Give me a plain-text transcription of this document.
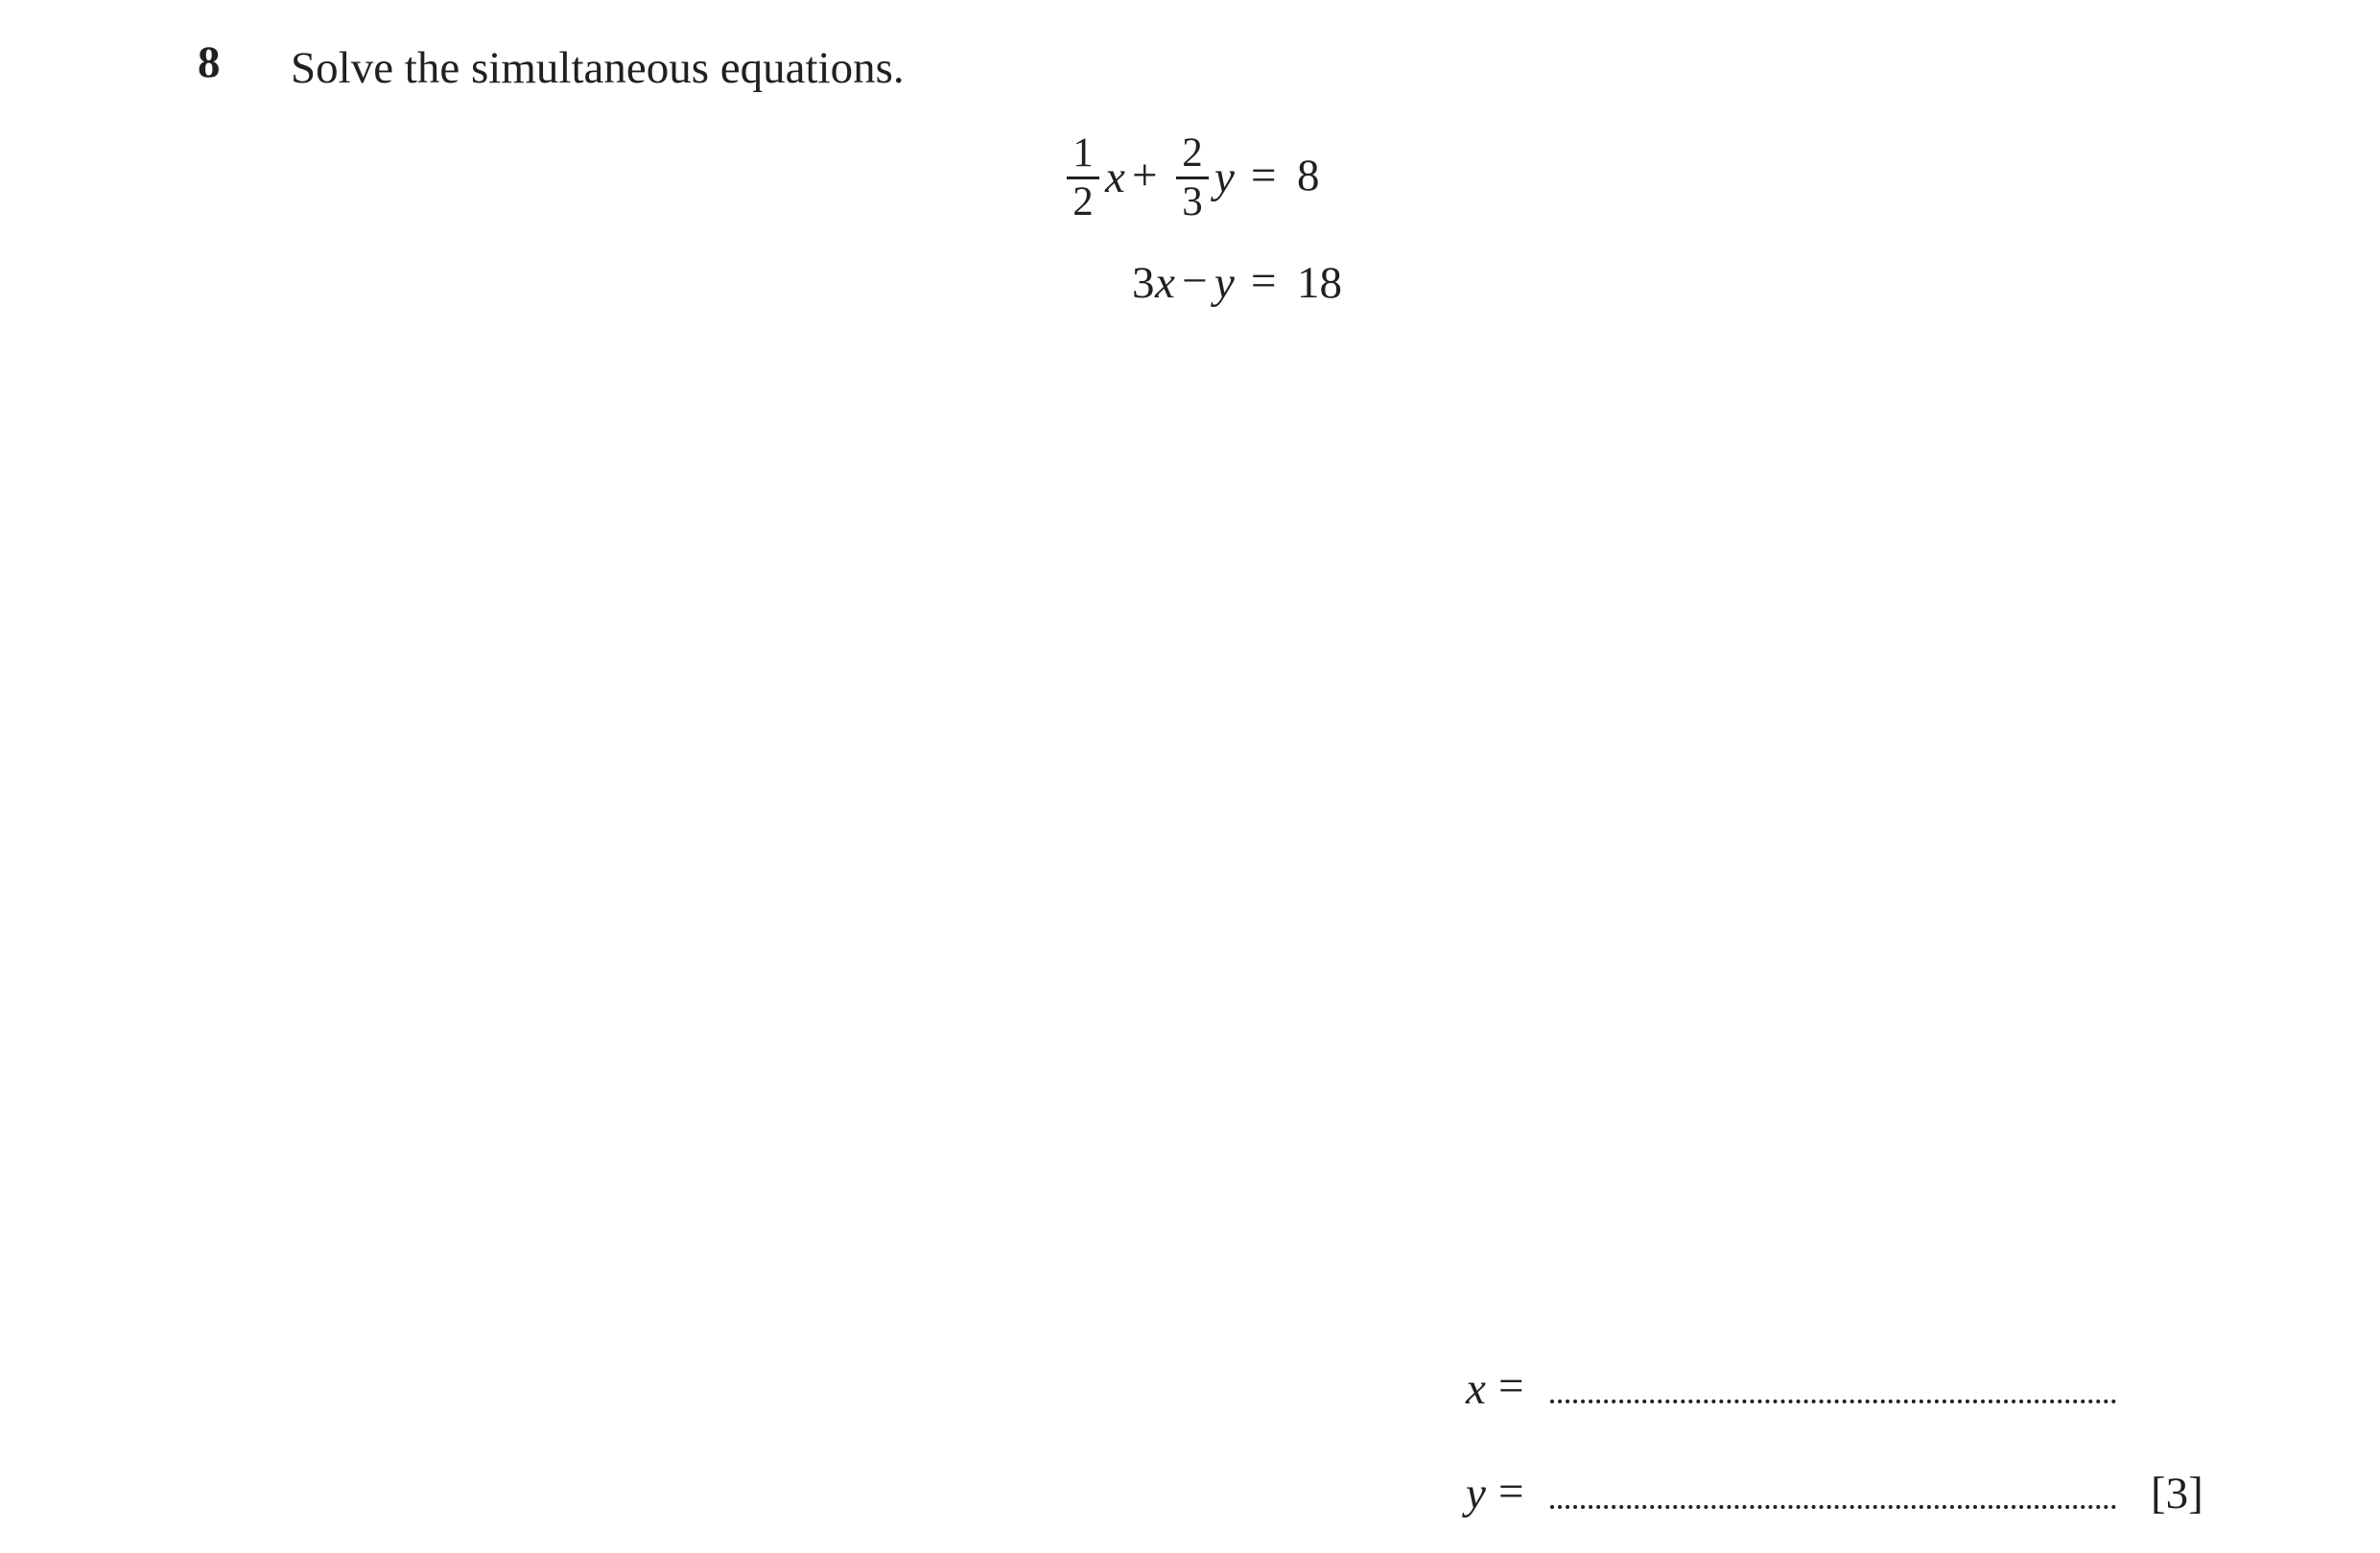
8 Solve the simultaneous equations.
1
2 x + 2
3 y = 8
3 x − y = 18
x =
y =	[3]
